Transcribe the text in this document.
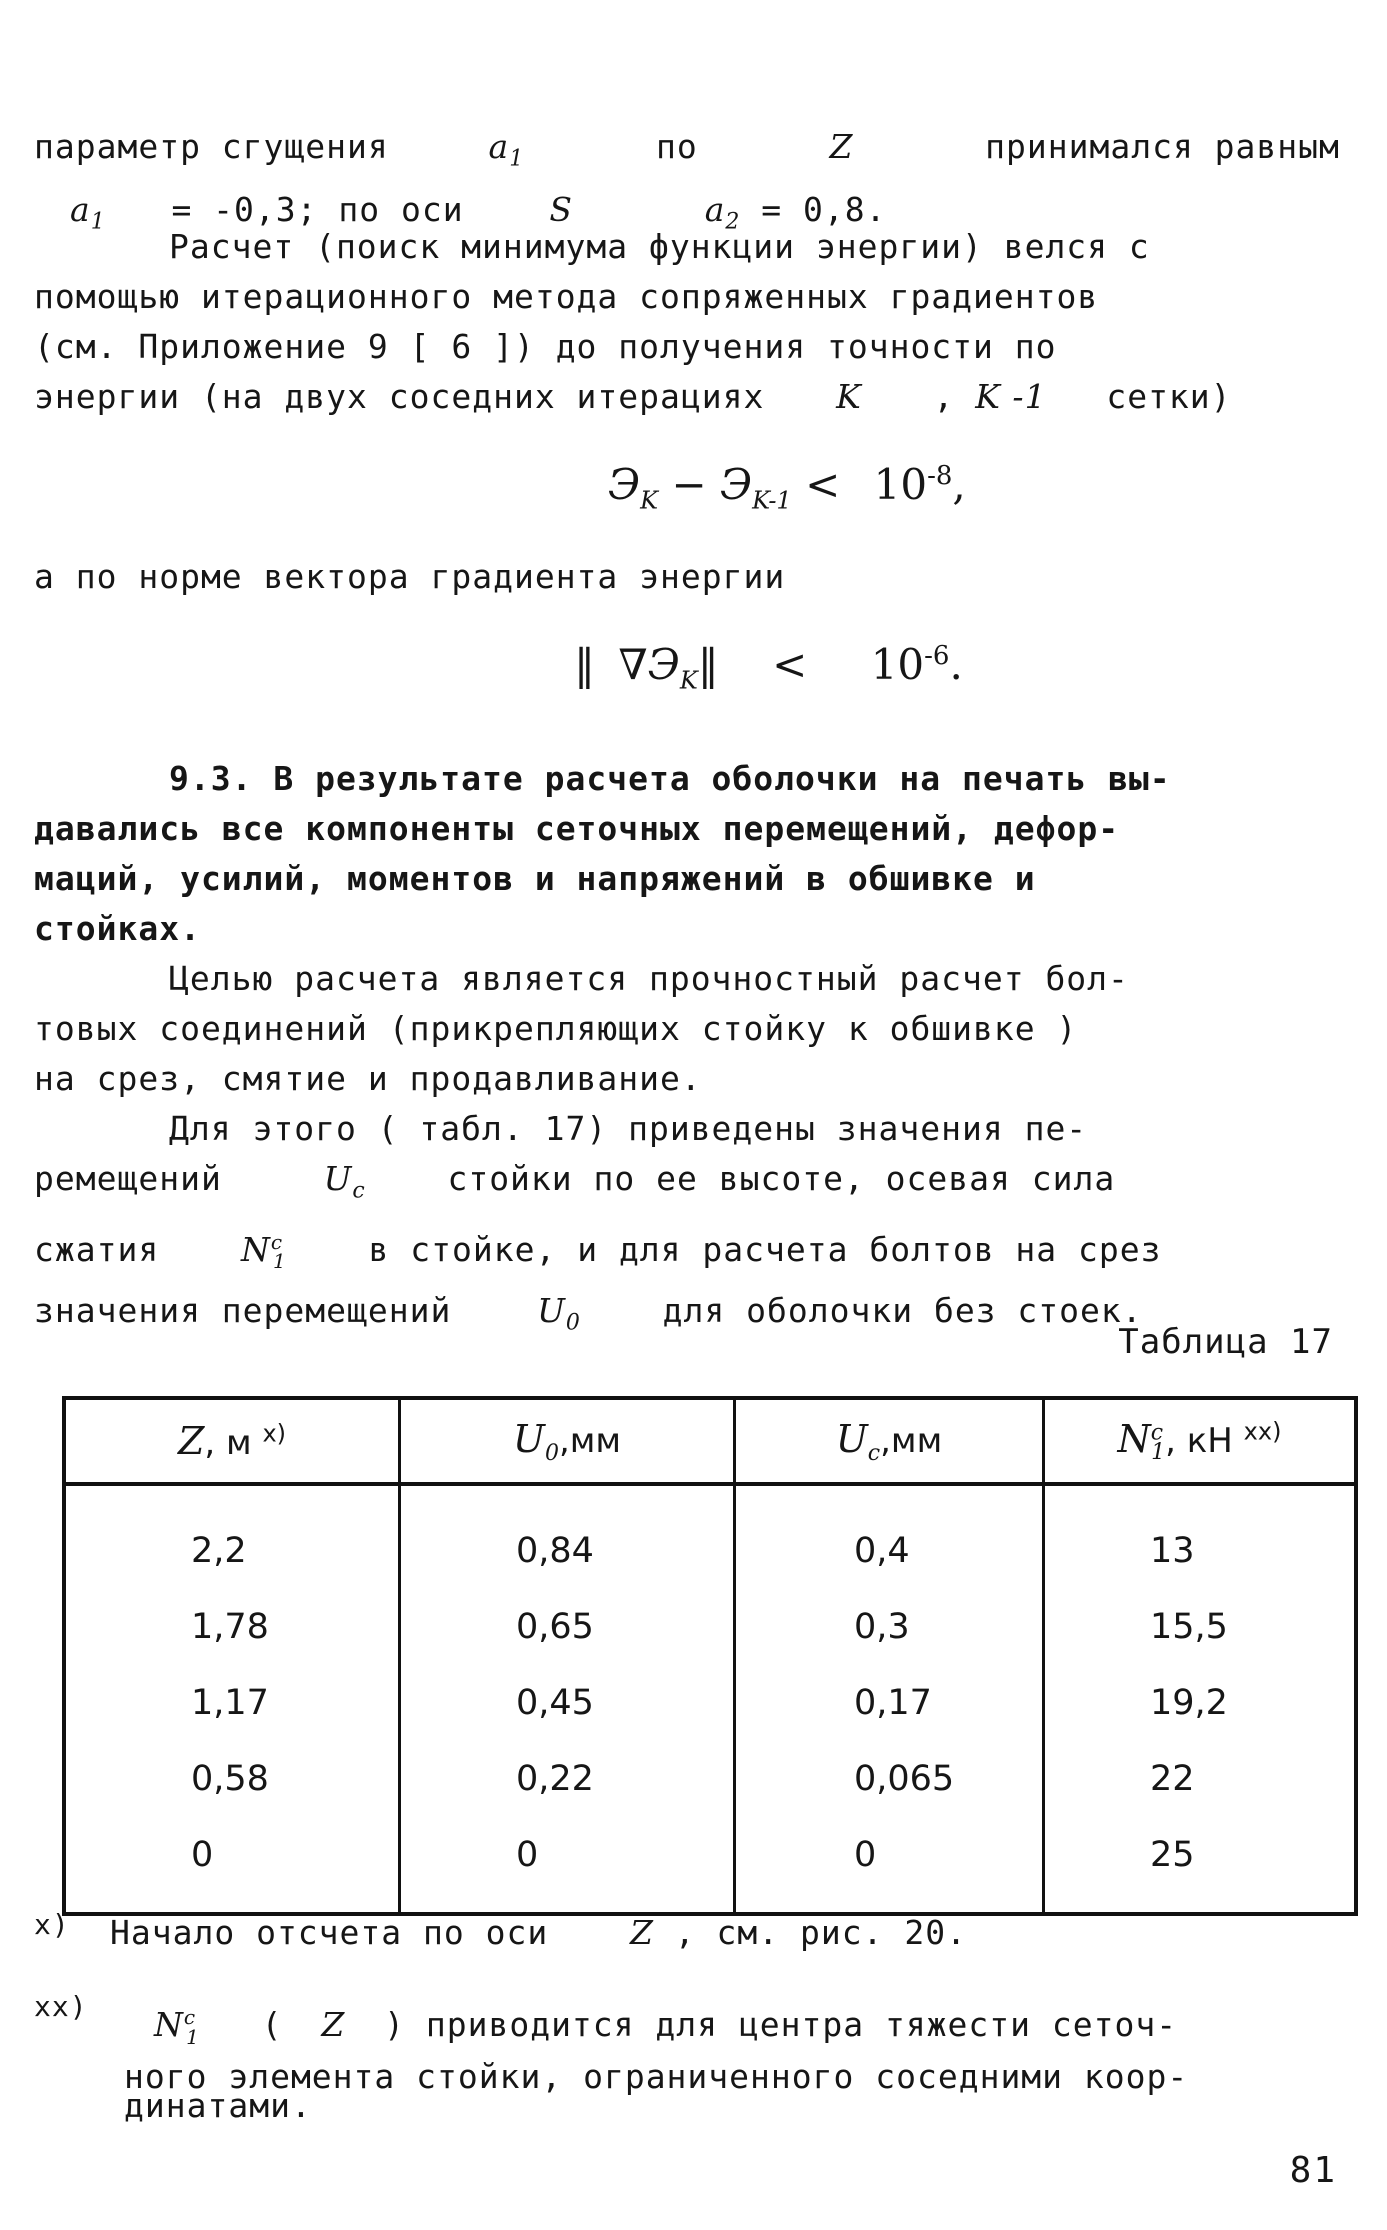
параметр сгущения	$a_1$	по	Z	принимался равным
$a_1 = -0,3$; по оси	S	$a_2 = 0,8$.
Расчет (поиск минимума функции энергии) велся с
помощью итерационного метода сопряженных градиентов
(см. Приложение 9 [ 6 ]) до получения точности по
энергии (на двух соседних итерациях K , K -1 сетки)
$Э_K - Э_{K-1} < 10^{-8}$,
а по норме вектора градиента энергии
‖ $\nabla Э_K‖ < 10^{-6}$.
9.3. В результате расчета оболочки на печать вы-
давались все компоненты сеточных перемещений, дефор-
маций, усилий, моментов и напряжений в обшивке и
стойках.
Целью расчета является прочностный расчет бол-
товых соединений (прикрепляющих стойку к обшивке )
на срез, смятие и продавливание.
Для этого ( табл. 17) приведены значения пе-
ремещений	$U_c$ стойки по ее высоте, осевая сила
сжатия $N^c_1$ в стойке, и для расчета болтов на срез
значения перемещений	$U_0$ для оболочки без стоек.
Таблица 17
Z, м $^{x)}$	$U_0,мм$	$U_c,мм$	$N^c_1$, кН $^{xx)}$
2,2	0,84	0,4	13
1,78	0,65	0,3	15,5
1,17	0,45	0,17	19,2
0,58	0,22	0,065	22
0	0	0	25
x) Начало отсчета по оси Z , см. рис. 20.
xx)	$N^c_1$ ( Z ) приводится для центра тяжести сеточ-
ного элемента стойки, ограниченного соседними коор-
динатами.
81
